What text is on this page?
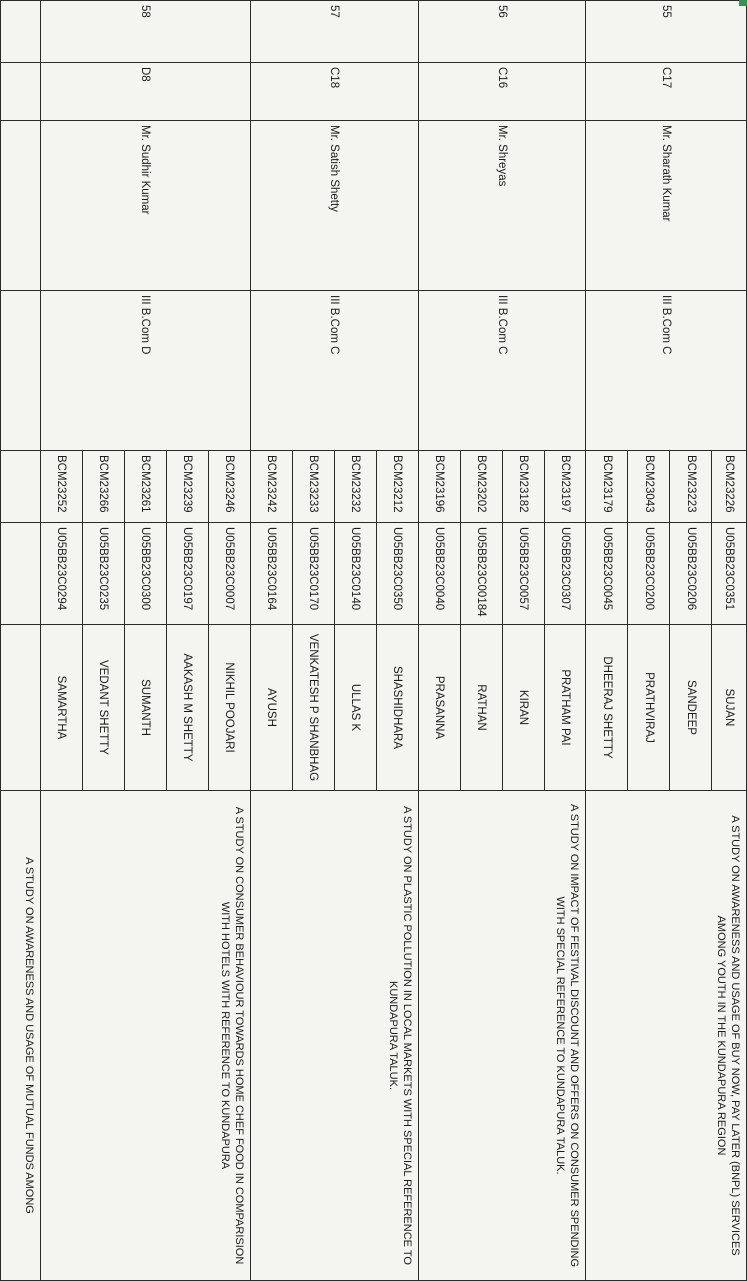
55	C17	Mr. Sharath Kumar	III B.Com C	BCM23226	U05BB23C0351	SUJAN	A STUDY ON AWARENESS AND USAGE OF BUY NOW, PAY LATER (BNPL) SERVICES AMONG YOUTH IN THE KUNDAPURA REGION
				BCM23223	U05BB23C0206	SANDEEP	
				BCM23043	U05BB23C0200	PRATHVIRAJ	
				BCM23179	U05BB23C0045	DHEERAJ SHETTY	
56	C16	Mr. Shreyas	III B.Com C	BCM23197	U05BB23C0307	PRATHAM PAI	A STUDY ON IMPACT OF FESTIVAL DISCOUNT AND OFFERS ON CONSUMER SPENDING WITH SPECIAL REFERENCE TO KUNDAPURA TALUK.
				BCM23182	U05BB23C0057	KIRAN	
				BCM23202	U05BB23C00184	RATHAN	
				BCM23196	U05BB23C0040	PRASANNA	
57	C18	Mr. Satish Shetty	III B.Com C	BCM23212	U05BB23C0350	SHASHIDHARA	A STUDY ON PLASTIC POLLUTION IN LOCAL MARKETS WITH SPECIAL REFERENCE TO KUNDAPURA TALUK.
				BCM23232	U05BB23C0140	ULLAS K	
				BCM23233	U05BB23C0170	VENKATESH P SHANBHAG	
				BCM23242	U05BB23C0164	AYUSH	
58	D8	Mr. Sudhir Kumar	III B.Com D	BCM23246	U05BB23C0007	NIKHIL POOJARI	A STUDY ON CONSUMER BEHAVIOUR TOWARDS HOME CHEF FOOD IN COMPARISION WITH HOTELS WITH REFERENCE TO KUNDAPURA
				BCM23239	U05BB23C0197	AAKASH M SHETTY	
				BCM23261	U05BB23C0300	SUMANTH	
				BCM23266	U05BB23C0235	VEDANT SHETTY	
				BCM23252	U05BB23C0294	SAMARTHA	
							A STUDY ON AWARENESS AND USAGE OF MUTUAL FUNDS AMONG
